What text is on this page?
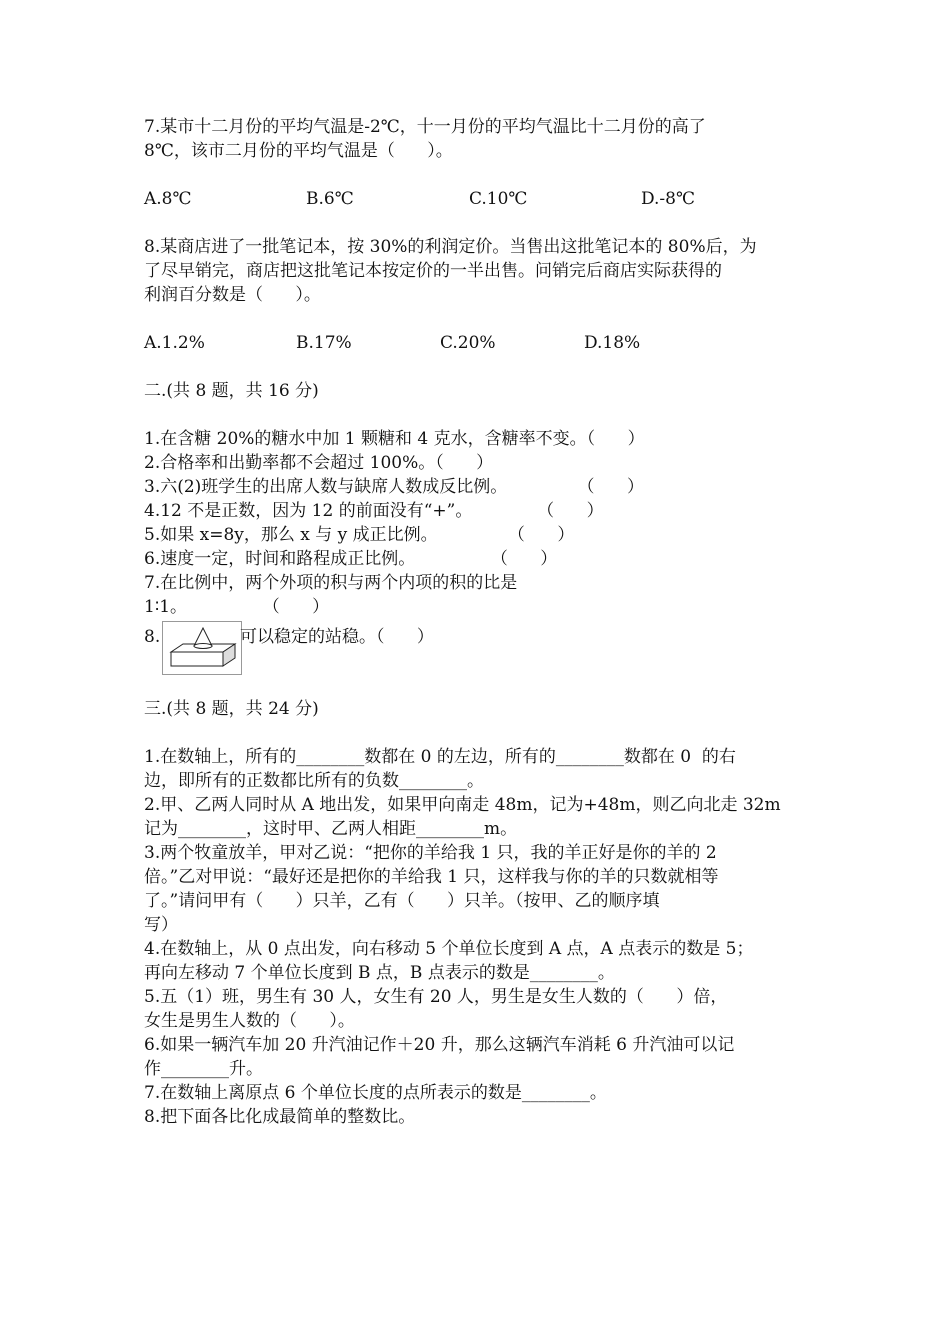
7.某市十二月份的平均气温是-2℃，十一月份的平均气温比十二月份的高了
8℃，该市二月份的平均气温是（      ）。
A.8℃	B.6℃	C.10℃	D.-8℃
8.某商店进了一批笔记本，按 30%的利润定价。当售出这批笔记本的 80%后，为
了尽早销完，商店把这批笔记本按定价的一半出售。问销完后商店实际获得的
利润百分数是（      ）。
A.1.2%	B.17%	C.20%	D.18%
二.(共 8 题，共 16 分)
1.在含糖 20%的糖水中加 1 颗糖和 4 克水，含糖率不变。（      ）
2.合格率和出勤率都不会超过 100%。（      ）
3.六(2)班学生的出席人数与缺席人数成反比例。             （      ）
4.12 不是正数，因为 12 的前面没有“+”。            （      ）
5.如果 x=8y，那么 x 与 y 成正比例。             （      ）
6.速度一定，时间和路程成正比例。              （      ）
7.在比例中，两个外项的积与两个内项的积的比是
1∶1。              （      ）
8.	可以稳定的站稳。（      ）
三.(共 8 题，共 24 分)
1.在数轴上，所有的________数都在 0 的左边，所有的________数都在 0  的右
边，即所有的正数都比所有的负数________。
2.甲、乙两人同时从 A 地出发，如果甲向南走 48m，记为+48m，则乙向北走 32m
记为________，这时甲、乙两人相距________m。
3.两个牧童放羊，甲对乙说：“把你的羊给我 1 只，我的羊正好是你的羊的 2
倍。”乙对甲说：“最好还是把你的羊给我 1 只，这样我与你的羊的只数就相等
了。”请问甲有（      ）只羊，乙有（      ）只羊。（按甲、乙的顺序填
写）
4.在数轴上，从 0 点出发，向右移动 5 个单位长度到 A 点，A 点表示的数是 5；
再向左移动 7 个单位长度到 B 点，B 点表示的数是________。
5.五（1）班，男生有 30 人，女生有 20 人，男生是女生人数的（      ）倍，
女生是男生人数的（      ）。
6.如果一辆汽车加 20 升汽油记作＋20 升，那么这辆汽车消耗 6 升汽油可以记
作________升。
7.在数轴上离原点 6 个单位长度的点所表示的数是________。
8.把下面各比化成最简单的整数比。
